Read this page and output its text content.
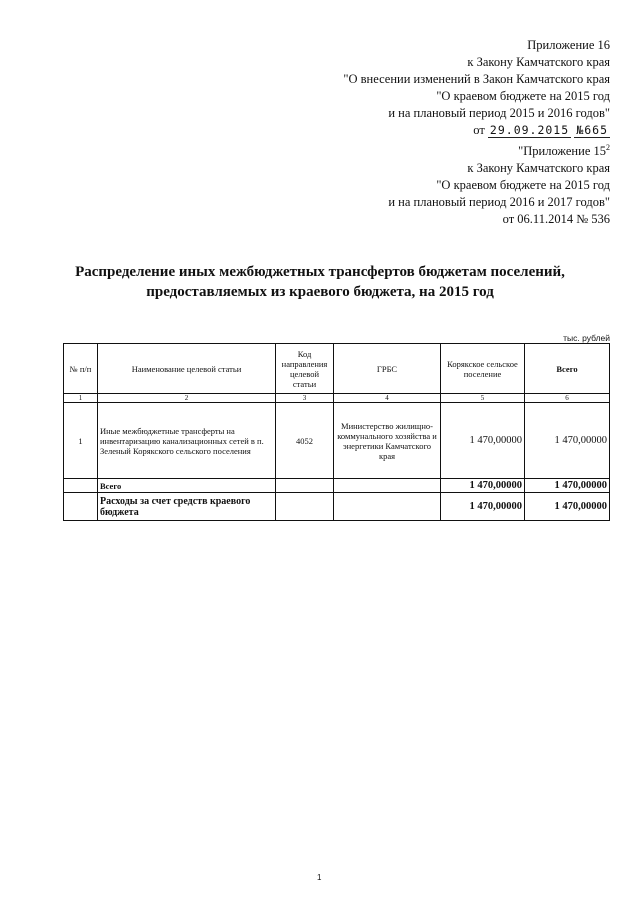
Приложение 16
к Закону Камчатского края
"О внесении изменений в Закон Камчатского края
"О краевом бюджете на 2015 год
и на плановый период 2015 и 2016 годов"
от 29.09.2015 №665
"Приложение $15^2$
к Закону Камчатского края
"О краевом бюджете на 2015 год
и на плановый период 2016 и 2017 годов"
от 06.11.2014 № 536
Распределение иных межбюджетных трансфертов бюджетам поселений,
предоставляемых из краевого бюджета, на 2015 год
тыс. рублей
№ п/п	Наименование целевой статьи	Код направления целевой статьи	ГРБС	Корякское сельское поселение	Всего
1	2	3	4	5	6
1	Иные межбюджетные трансферты на инвентаризацию канализационных сетей в п. Зеленый Корякского сельского поселения	4052	Министерство жилищно-коммунального хозяйства и энергетики Камчатского края	1 470,00000	1 470,00000
	Всего			1 470,00000	1 470,00000
	Расходы за счет средств краевого бюджета			1 470,00000	1 470,00000
1
